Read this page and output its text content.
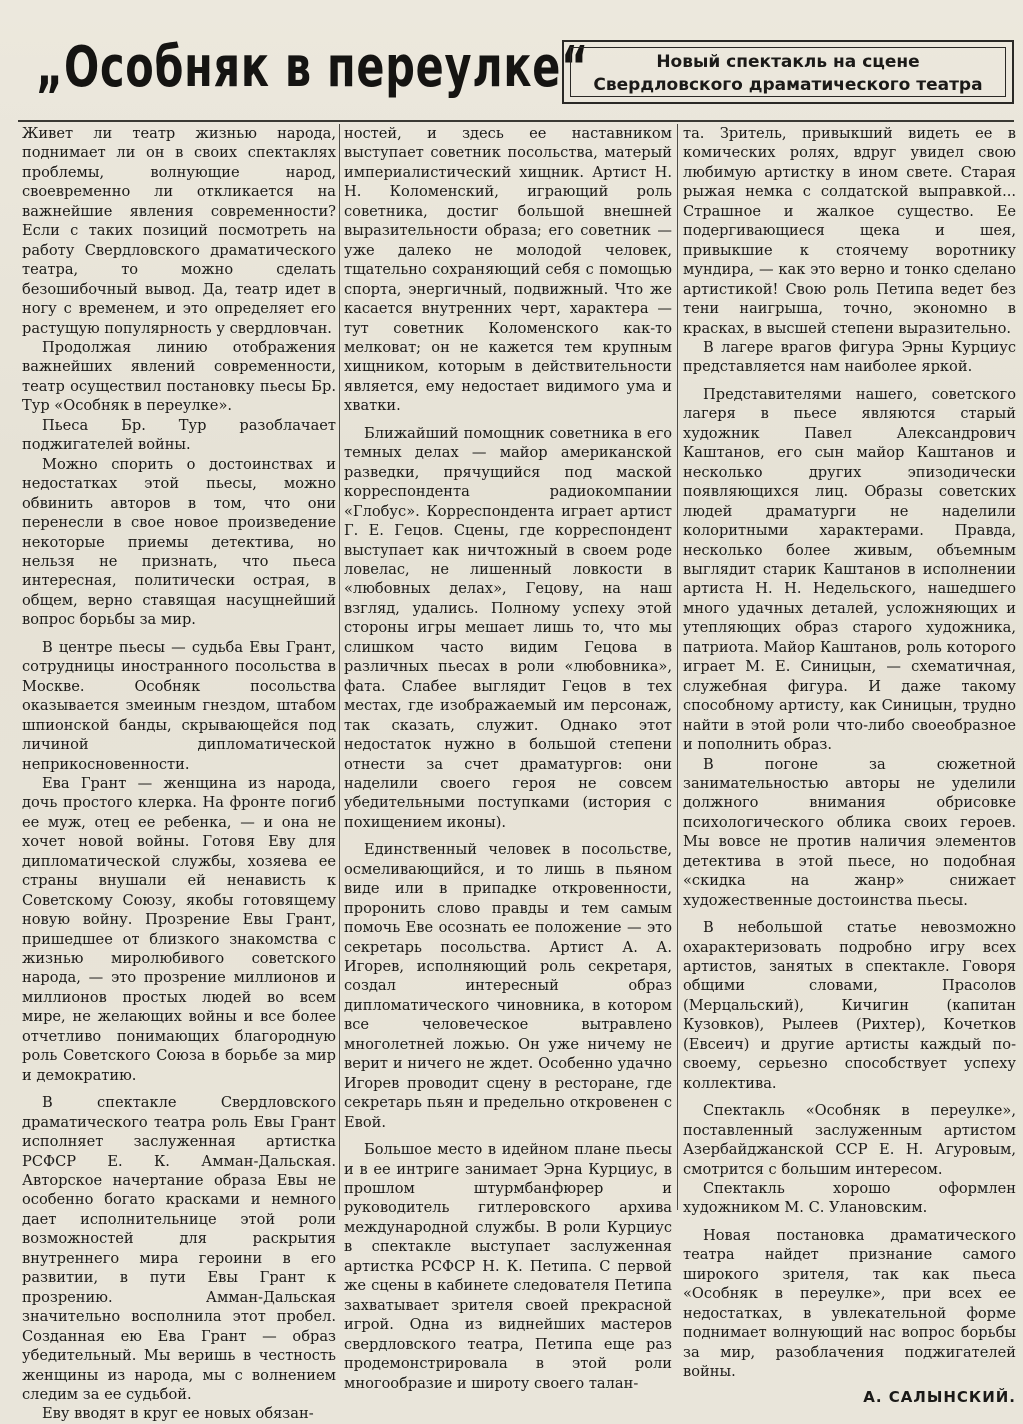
„Особняк в переулке“	Новый спектакль на сцене
Свердловского драматического театра

Живет ли театр жизнью народа, поднимает ли он в своих спектаклях проблемы, волнующие народ, своевременно ли откликается на важнейшие явления современности? Если с таких позиций посмотреть на работу Свердловского драматического театра, то можно сделать безошибочный вывод. Да, театр идет в ногу с временем, и это определяет его растущую популярность у свердловчан.

Продолжая линию отображения важнейших явлений современности, театр осуществил постановку пьесы Бр. Тур «Особняк в переулке».

Пьеса Бр. Тур разоблачает поджигателей войны.

Можно спорить о достоинствах и недостатках этой пьесы, можно обвинить авторов в том, что они перенесли в свое новое произведение некоторые приемы детектива, но нельзя не признать, что пьеса интересная, политически острая, в общем, верно ставящая насущнейший вопрос борьбы за мир.

В центре пьесы — судьба Евы Грант, сотрудницы иностранного посольства в Москве. Особняк посольства оказывается змеиным гнездом, штабом шпионской банды, скрывающейся под личиной дипломатической неприкосновенности.

Ева Грант — женщина из народа, дочь простого клерка. На фронте погиб ее муж, отец ее ребенка, — и она не хочет новой войны. Готовя Еву для дипломатической службы, хозяева ее страны внушали ей ненависть к Советскому Союзу, якобы готовящему новую войну. Прозрение Евы Грант, пришедшее от близкого знакомства с жизнью миролюбивого советского народа, — это прозрение миллионов и миллионов простых людей во всем мире, не желающих войны и все более отчетливо понимающих благородную роль Советского Союза в борьбе за мир и демократию.

В спектакле Свердловского драматического театра роль Евы Грант исполняет заслуженная артистка РСФСР Е. К. Амман-Дальская. Авторское начертание образа Евы не особенно богато красками и немного дает исполнительнице этой роли возможностей для раскрытия внутреннего мира героини в его развитии, в пути Евы Грант к прозрению. Амман-Дальская значительно восполнила этот пробел. Созданная ею Ева Грант — образ убедительный. Мы веришь в честность женщины из народа, мы с волнением следим за ее судьбой.

Еву вводят в круг ее новых обязан-

ностей, и здесь ее наставником выступает советник посольства, матерый империалистический хищник. Артист Н. Н. Коломенский, играющий роль советника, достиг большой внешней выразительности образа; его советник — уже далеко не молодой человек, тщательно сохраняющий себя с помощью спорта, энергичный, подвижный. Что же касается внутренних черт, характера — тут советник Коломенского как-то мелковат; он не кажется тем крупным хищником, которым в действительности является, ему недостает видимого ума и хватки.

Ближайший помощник советника в его темных делах — майор американской разведки, прячущийся под маской корреспондента радиокомпании «Глобус». Корреспондента играет артист Г. Е. Гецов. Сцены, где корреспондент выступает как ничтожный в своем роде ловелас, не лишенный ловкости в «любовных делах», Гецову, на наш взгляд, удались. Полному успеху этой стороны игры мешает лишь то, что мы слишком часто видим Гецова в различных пьесах в роли «любовника», фата. Слабее выглядит Гецов в тех местах, где изображаемый им персонаж, так сказать, служит. Однако этот недостаток нужно в большой степени отнести за счет драматургов: они наделили своего героя не совсем убедительными поступками (история с похищением иконы).

Единственный человек в посольстве, осмеливающийся, и то лишь в пьяном виде или в припадке откровенности, проронить слово правды и тем самым помочь Еве осознать ее положение — это секретарь посольства. Артист А. А. Игорев, исполняющий роль секретаря, создал интересный образ дипломатического чиновника, в котором все человеческое вытравлено многолетней ложью. Он уже ничему не верит и ничего не ждет. Особенно удачно Игорев проводит сцену в ресторане, где секретарь пьян и предельно откровенен с Евой.

Большое место в идейном плане пьесы и в ее интриге занимает Эрна Курциус, в прошлом штурмбанфюрер и руководитель гитлеровского архива международной службы. В роли Курциус в спектакле выступает заслуженная артистка РСФСР Н. К. Петипа. С первой же сцены в кабинете следователя Петипа захватывает зрителя своей прекрасной игрой. Одна из виднейших мастеров свердловского театра, Петипа еще раз продемонстрировала в этой роли многообразие и широту своего талан-

та. Зритель, привыкший видеть ее в комических ролях, вдруг увидел свою любимую артистку в ином свете. Старая рыжая немка с солдатской выправкой... Страшное и жалкое существо. Ее подергивающиеся щека и шея, привыкшие к стоячему воротнику мундира, — как это верно и тонко сделано артистикой! Свою роль Петипа ведет без тени наигрыша, точно, экономно в красках, в высшей степени выразительно.

В лагере врагов фигура Эрны Курциус представляется нам наиболее яркой.

Представителями нашего, советского лагеря в пьесе являются старый художник Павел Александрович Каштанов, его сын майор Каштанов и несколько других эпизодически появляющихся лиц. Образы советских людей драматурги не наделили колоритными характерами. Правда, несколько более живым, объемным выглядит старик Каштанов в исполнении артиста Н. Н. Недельского, нашедшего много удачных деталей, усложняющих и утепляющих образ старого художника, патриота. Майор Каштанов, роль которого играет М. Е. Синицын, — схематичная, служебная фигура. И даже такому способному артисту, как Синицын, трудно найти в этой роли что-либо своеобразное и пополнить образ.

В погоне за сюжетной занимательностью авторы не уделили должного внимания обрисовке психологического облика своих героев. Мы вовсе не против наличия элементов детектива в этой пьесе, но подобная «скидка на жанр» снижает художественные достоинства пьесы.

В небольшой статье невозможно охарактеризовать подробно игру всех артистов, занятых в спектакле. Говоря общими словами, Прасолов (Мерцальский), Кичигин (капитан Кузовков), Рылеев (Рихтер), Кочетков (Евсеич) и другие артисты каждый по-своему, серьезно способствует успеху коллектива.

Спектакль «Особняк в переулке», поставленный заслуженным артистом Азербайджанской ССР Е. Н. Агуровым, смотрится с большим интересом.

Спектакль хорошо оформлен художником М. С. Улановским.

Новая постановка драматического театра найдет признание самого широкого зрителя, так как пьеса «Особняк в переулке», при всех ее недостатках, в увлекательной форме поднимает волнующий нас вопрос борьбы за мир, разоблачения поджигателей войны.

А. САЛЫНСКИЙ.
